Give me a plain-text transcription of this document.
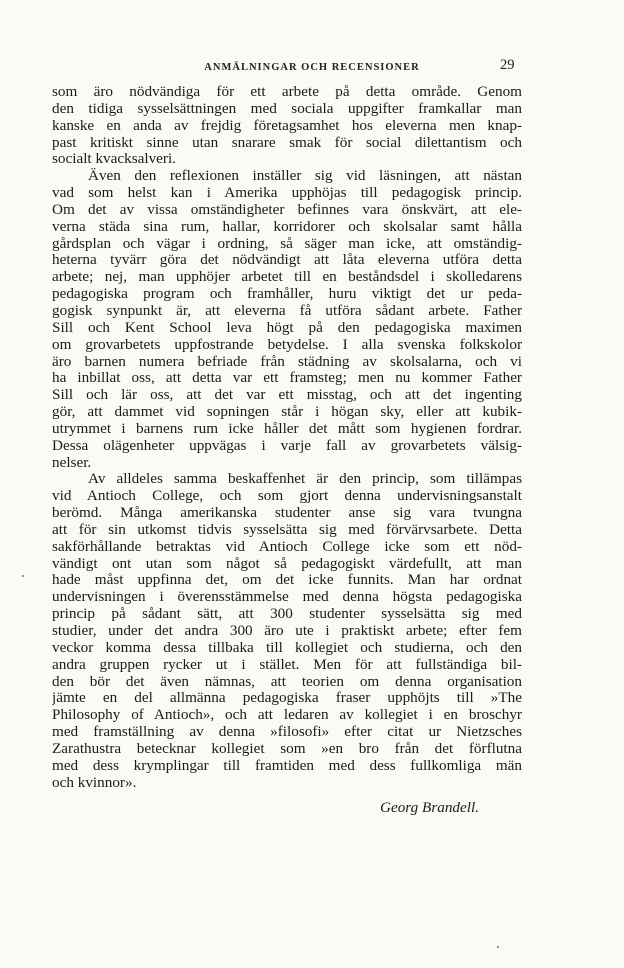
ANMÄLNINGAR OCH RECENSIONER	29
som äro nödvändiga för ett arbete på detta område. Genom
den tidiga sysselsättningen med sociala uppgifter framkallar man
kanske en anda av frejdig företagsamhet hos eleverna men knap-
past kritiskt sinne utan snarare smak för social dilettantism och
socialt kvacksalveri.
Även den reflexionen inställer sig vid läsningen, att nästan
vad som helst kan i Amerika upphöjas till pedagogisk princip.
Om det av vissa omständigheter befinnes vara önskvärt, att ele-
verna städa sina rum, hallar, korridorer och skolsalar samt hålla
gårdsplan och vägar i ordning, så säger man icke, att omständig-
heterna tyvärr göra det nödvändigt att låta eleverna utföra detta
arbete; nej, man upphöjer arbetet till en beståndsdel i skolledarens
pedagogiska program och framhåller, huru viktigt det ur peda-
gogisk synpunkt är, att eleverna få utföra sådant arbete. Father
Sill och Kent School leva högt på den pedagogiska maximen
om grovarbetets uppfostrande betydelse. I alla svenska folkskolor
äro barnen numera befriade från städning av skolsalarna, och vi
ha inbillat oss, att detta var ett framsteg; men nu kommer Father
Sill och lär oss, att det var ett misstag, och att det ingenting
gör, att dammet vid sopningen står i högan sky, eller att kubik-
utrymmet i barnens rum icke håller det mått som hygienen fordrar.
Dessa olägenheter uppvägas i varje fall av grovarbetets välsig-
nelser.
Av alldeles samma beskaffenhet är den princip, som tillämpas
vid Antioch College, och som gjort denna undervisningsanstalt
berömd. Många amerikanska studenter anse sig vara tvungna
att för sin utkomst tidvis sysselsätta sig med förvärvsarbete. Detta
sakförhållande betraktas vid Antioch College icke som ett nöd-
vändigt ont utan som något så pedagogiskt värdefullt, att man
hade måst uppfinna det, om det icke funnits. Man har ordnat
undervisningen i överensstämmelse med denna högsta pedagogiska
princip på sådant sätt, att 300 studenter sysselsätta sig med
studier, under det andra 300 äro ute i praktiskt arbete; efter fem
veckor komma dessa tillbaka till kollegiet och studierna, och den
andra gruppen rycker ut i stället. Men för att fullständiga bil-
den bör det även nämnas, att teorien om denna organisation
jämte en del allmänna pedagogiska fraser upphöjts till »The
Philosophy of Antioch», och att ledaren av kollegiet i en broschyr
med framställning av denna »filosofi» efter citat ur Nietzsches
Zarathustra betecknar kollegiet som »en bro från det förflutna
med dess krymplingar till framtiden med dess fullkomliga män
och kvinnor».
Georg Brandell.
